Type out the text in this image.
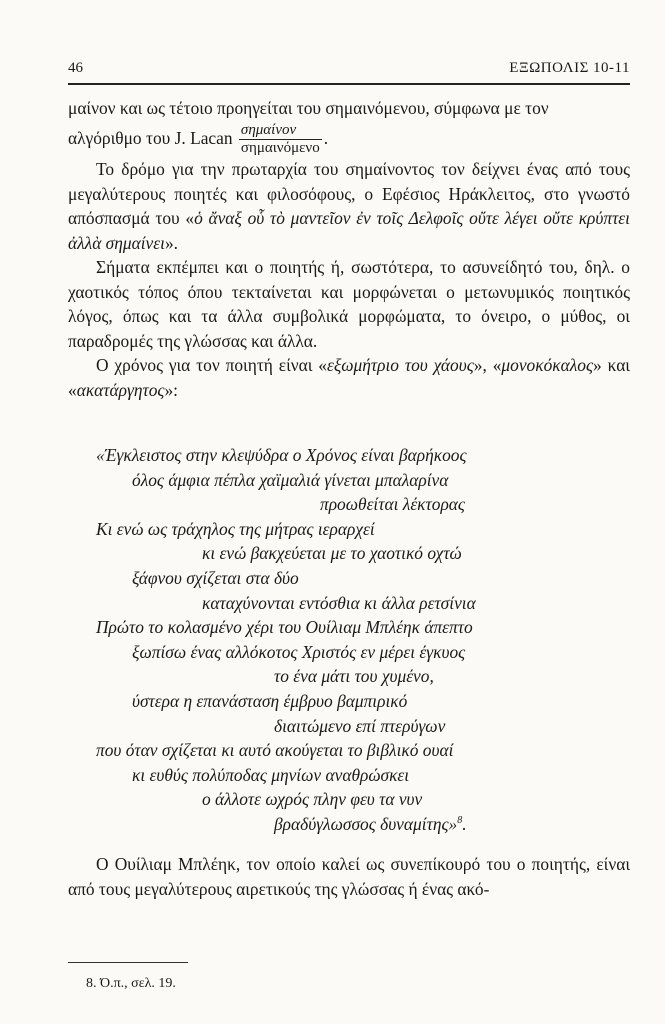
46	ΕΞΩΠΟΛΙΣ 10-11

μαίνον και ως τέτοιο προηγείται του σημαινόμενου, σύμφωνα με τον

αλγόριθμο του J. Lacan $\frac{\text{σημαίνον}}{\text{σημαινόμενο}}$ .

Το δρόμο για την πρωταρχία του σημαίνοντος τον δείχνει ένας από τους μεγαλύτερους ποιητές και φιλοσόφους, ο Εφέσιος Ηράκλειτος, στο γνωστό απόσπασμά του «ὁ ἄναξ οὗ τὸ μαντεῖον ἐν τοῖς Δελφοῖς οὔτε λέγει οὔτε κρύπτει ἀλλὰ σημαίνει».

Σήματα εκπέμπει και ο ποιητής ή, σωστότερα, το ασυνείδητό του, δηλ. ο χαοτικός τόπος όπου τεκταίνεται και μορφώνεται ο μετωνυμικός ποιητικός λόγος, όπως και τα άλλα συμβολικά μορφώματα, το όνειρο, ο μύθος, οι παραδρομές της γλώσσας και άλλα.

Ο χρόνος για τον ποιητή είναι «εξωμήτριο του χάους», «μονοκόκαλος» και «ακατάργητος»:

«Έγκλειστος στην κλεψύδρα ο Χρόνος είναι βαρήκοος
όλος άμφια πέπλα χαϊμαλιά γίνεται μπαλαρίνα
προωθείται λέκτορας
Κι ενώ ως τράχηλος της μήτρας ιεραρχεί
κι ενώ βακχεύεται με το χαοτικό οχτώ
ξάφνου σχίζεται στα δύο
καταχύνονται εντόσθια κι άλλα ρετσίνια
Πρώτο το κολασμένο χέρι του Ουίλιαμ Μπλέηκ άπεπτο
ξωπίσω ένας αλλόκοτος Χριστός εν μέρει έγκυος
το ένα μάτι του χυμένο,
ύστερα η επανάσταση έμβρυο βαμπιρικό
διαιτώμενο επί πτερύγων
που όταν σχίζεται κι αυτό ακούγεται το βιβλικό ουαί
κι ευθύς πολύποδας μηνίων αναθρώσκει
ο άλλοτε ωχρός πλην φευ τα νυν
βραδύγλωσσος δυναμίτης»$^8$.

Ο Ουίλιαμ Μπλέηκ, τον οποίο καλεί ως συνεπίκουρό του ο ποιητής, είναι από τους μεγαλύτερους αιρετικούς της γλώσσας ή ένας ακό-

8. Ό.π., σελ. 19.
